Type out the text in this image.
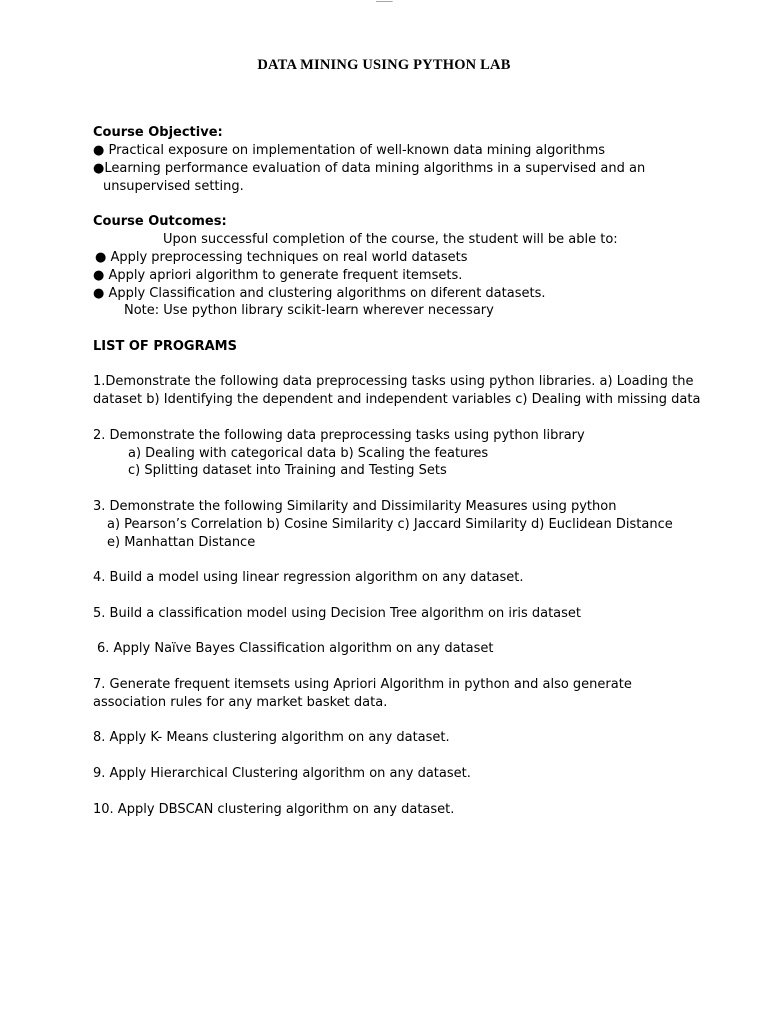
DATA MINING USING PYTHON LAB
Course Objective:
● Practical exposure on implementation of well-known data mining algorithms
●Learning performance evaluation of data mining algorithms in a supervised and an
unsupervised setting.
Course Outcomes:
Upon successful completion of the course, the student will be able to:
● Apply preprocessing techniques on real world datasets
● Apply apriori algorithm to generate frequent itemsets.
● Apply Classification and clustering algorithms on diferent datasets.
Note: Use python library scikit-learn wherever necessary
LIST OF PROGRAMS
1.Demonstrate the following data preprocessing tasks using python libraries. a) Loading the
dataset b) Identifying the dependent and independent variables c) Dealing with missing data
2. Demonstrate the following data preprocessing tasks using python library
a) Dealing with categorical data b) Scaling the features
c) Splitting dataset into Training and Testing Sets
3. Demonstrate the following Similarity and Dissimilarity Measures using python
a) Pearson’s Correlation b) Cosine Similarity c) Jaccard Similarity d) Euclidean Distance
e) Manhattan Distance
4. Build a model using linear regression algorithm on any dataset.
5. Build a classification model using Decision Tree algorithm on iris dataset
6. Apply Naïve Bayes Classification algorithm on any dataset
7. Generate frequent itemsets using Apriori Algorithm in python and also generate
association rules for any market basket data.
8. Apply K- Means clustering algorithm on any dataset.
9. Apply Hierarchical Clustering algorithm on any dataset.
10. Apply DBSCAN clustering algorithm on any dataset.
